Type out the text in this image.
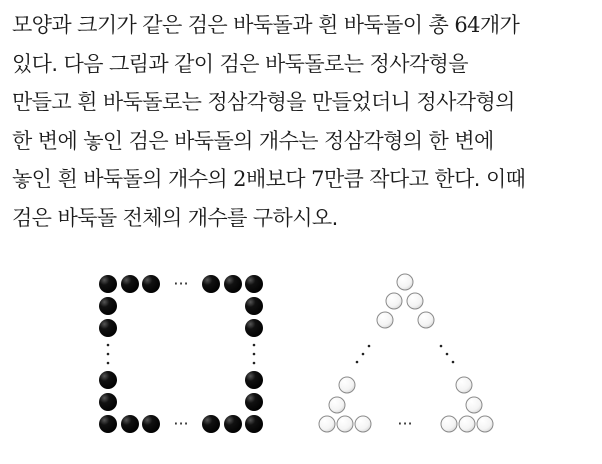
모양과 크기가 같은 검은 바둑돌과 흰 바둑돌이 총 64개가
있다. 다음 그림과 같이 검은 바둑돌로는 정사각형을
만들고 흰 바둑돌로는 정삼각형을 만들었더니 정사각형의
한 변에 놓인 검은 바둑돌의 개수는 정삼각형의 한 변에
놓인 흰 바둑돌의 개수의 2배보다 7만큼 작다고 한다. 이때
검은 바둑돌 전체의 개수를 구하시오.
···
···	···
